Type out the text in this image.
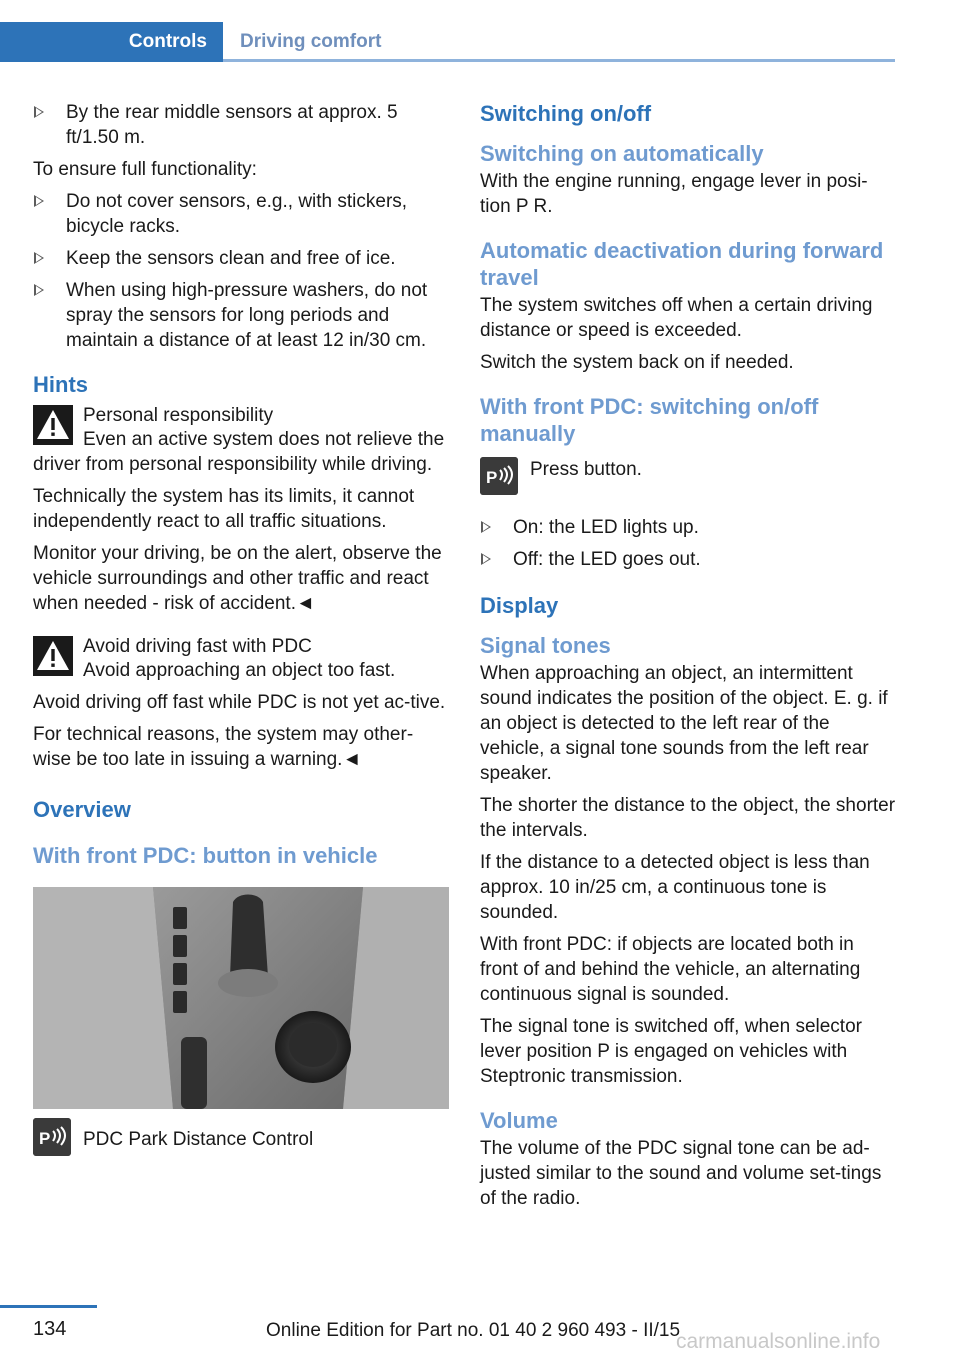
Controls	Driving comfort
By the rear middle sensors at approx. 5 ft/1.50 m.

To ensure full functionality:

Do not cover sensors, e.g., with stickers, bicycle racks.
Keep the sensors clean and free of ice.
When using high-pressure washers, do not spray the sensors for long periods and maintain a distance of at least 12 in/30 cm.
Hints

Personal responsibility

Even an active system does not relieve the driver from personal responsibility while driving.

Technically the system has its limits, it cannot independently react to all traffic situations.

Monitor your driving, be on the alert, observe the vehicle surroundings and other traffic and react when needed - risk of accident.◄

Avoid driving fast with PDC

Avoid approaching an object too fast.

Avoid driving off fast while PDC is not yet ac‐tive.

For technical reasons, the system may other‐wise be too late in issuing a warning.◄

Overview
With front PDC: button in vehicle
P PDC Park Distance Control
Switching on/off
Switching on automatically

With the engine running, engage lever in posi‐tion P R.

Automatic deactivation during forward travel

The system switches off when a certain driving distance or speed is exceeded.

Switch the system back on if needed.

With front PDC: switching on/off manually
P Press button.
On: the LED lights up.
Off: the LED goes out.
Display
Signal tones

When approaching an object, an intermittent sound indicates the position of the object. E. g. if an object is detected to the left rear of the vehicle, a signal tone sounds from the left rear speaker.

The shorter the distance to the object, the shorter the intervals.

If the distance to a detected object is less than approx. 10 in/25 cm, a continuous tone is sounded.

With front PDC: if objects are located both in front of and behind the vehicle, an alternating continuous signal is sounded.

The signal tone is switched off, when selector lever position P is engaged on vehicles with Steptronic transmission.

Volume

The volume of the PDC signal tone can be ad‐justed similar to the sound and volume set‐tings of the radio.

134	Online Edition for Part no. 01 40 2 960 493 - II/15
carmanualsonline.info
